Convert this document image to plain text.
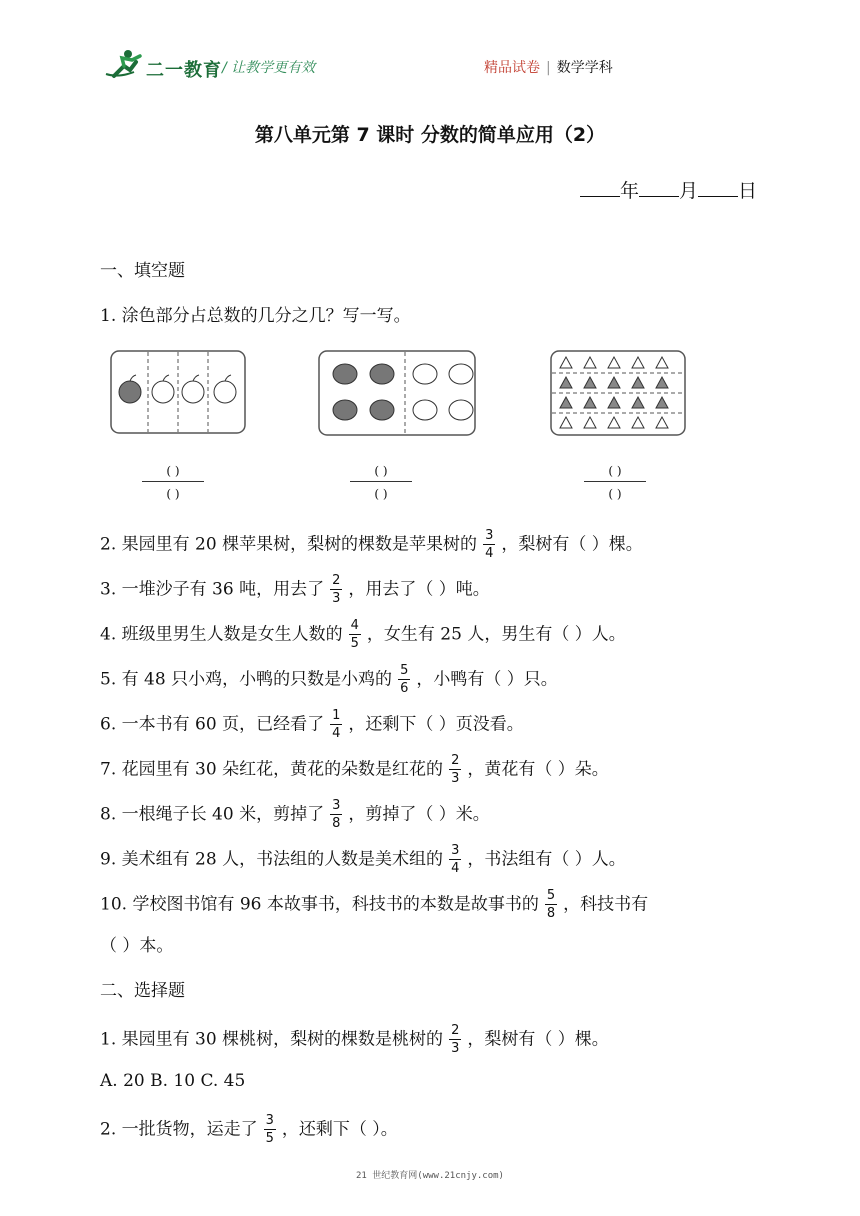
二一教育 / 让教学更有效	精品试卷 | 数学学科
第八单元第 7 课时 分数的简单应用（2）
年 月 日
一、填空题
1. 涂色部分占总数的几分之几？写一写。
( )
( )
( )
( )
( )
( )
2. 果园里有 20 棵苹果树，梨树的棵数是苹果树的 $\frac{3}{4}$ ，梨树有（ ）棵。
3. 一堆沙子有 36 吨，用去了 $\frac{2}{3}$ ，用去了（ ）吨。
4. 班级里男生人数是女生人数的 $\frac{4}{5}$ ，女生有 25 人，男生有（ ）人。
5. 有 48 只小鸡，小鸭的只数是小鸡的 $\frac{5}{6}$ ，小鸭有（ ）只。
6. 一本书有 60 页，已经看了 $\frac{1}{4}$ ，还剩下（ ）页没看。
7. 花园里有 30 朵红花，黄花的朵数是红花的 $\frac{2}{3}$ ，黄花有（ ）朵。
8. 一根绳子长 40 米，剪掉了 $\frac{3}{8}$ ，剪掉了（ ）米。
9. 美术组有 28 人，书法组的人数是美术组的 $\frac{3}{4}$ ，书法组有（ ）人。
10. 学校图书馆有 96 本故事书，科技书的本数是故事书的 $\frac{5}{8}$ ，科技书有
（ ）本。
二、选择题
1. 果园里有 30 棵桃树，梨树的棵数是桃树的 $\frac{2}{3}$ ，梨树有（ ）棵。
A. 20 B. 10 C. 45
2. 一批货物，运走了 $\frac{3}{5}$ ，还剩下（ ）。
21 世纪教育网(www.21cnjy.com)
